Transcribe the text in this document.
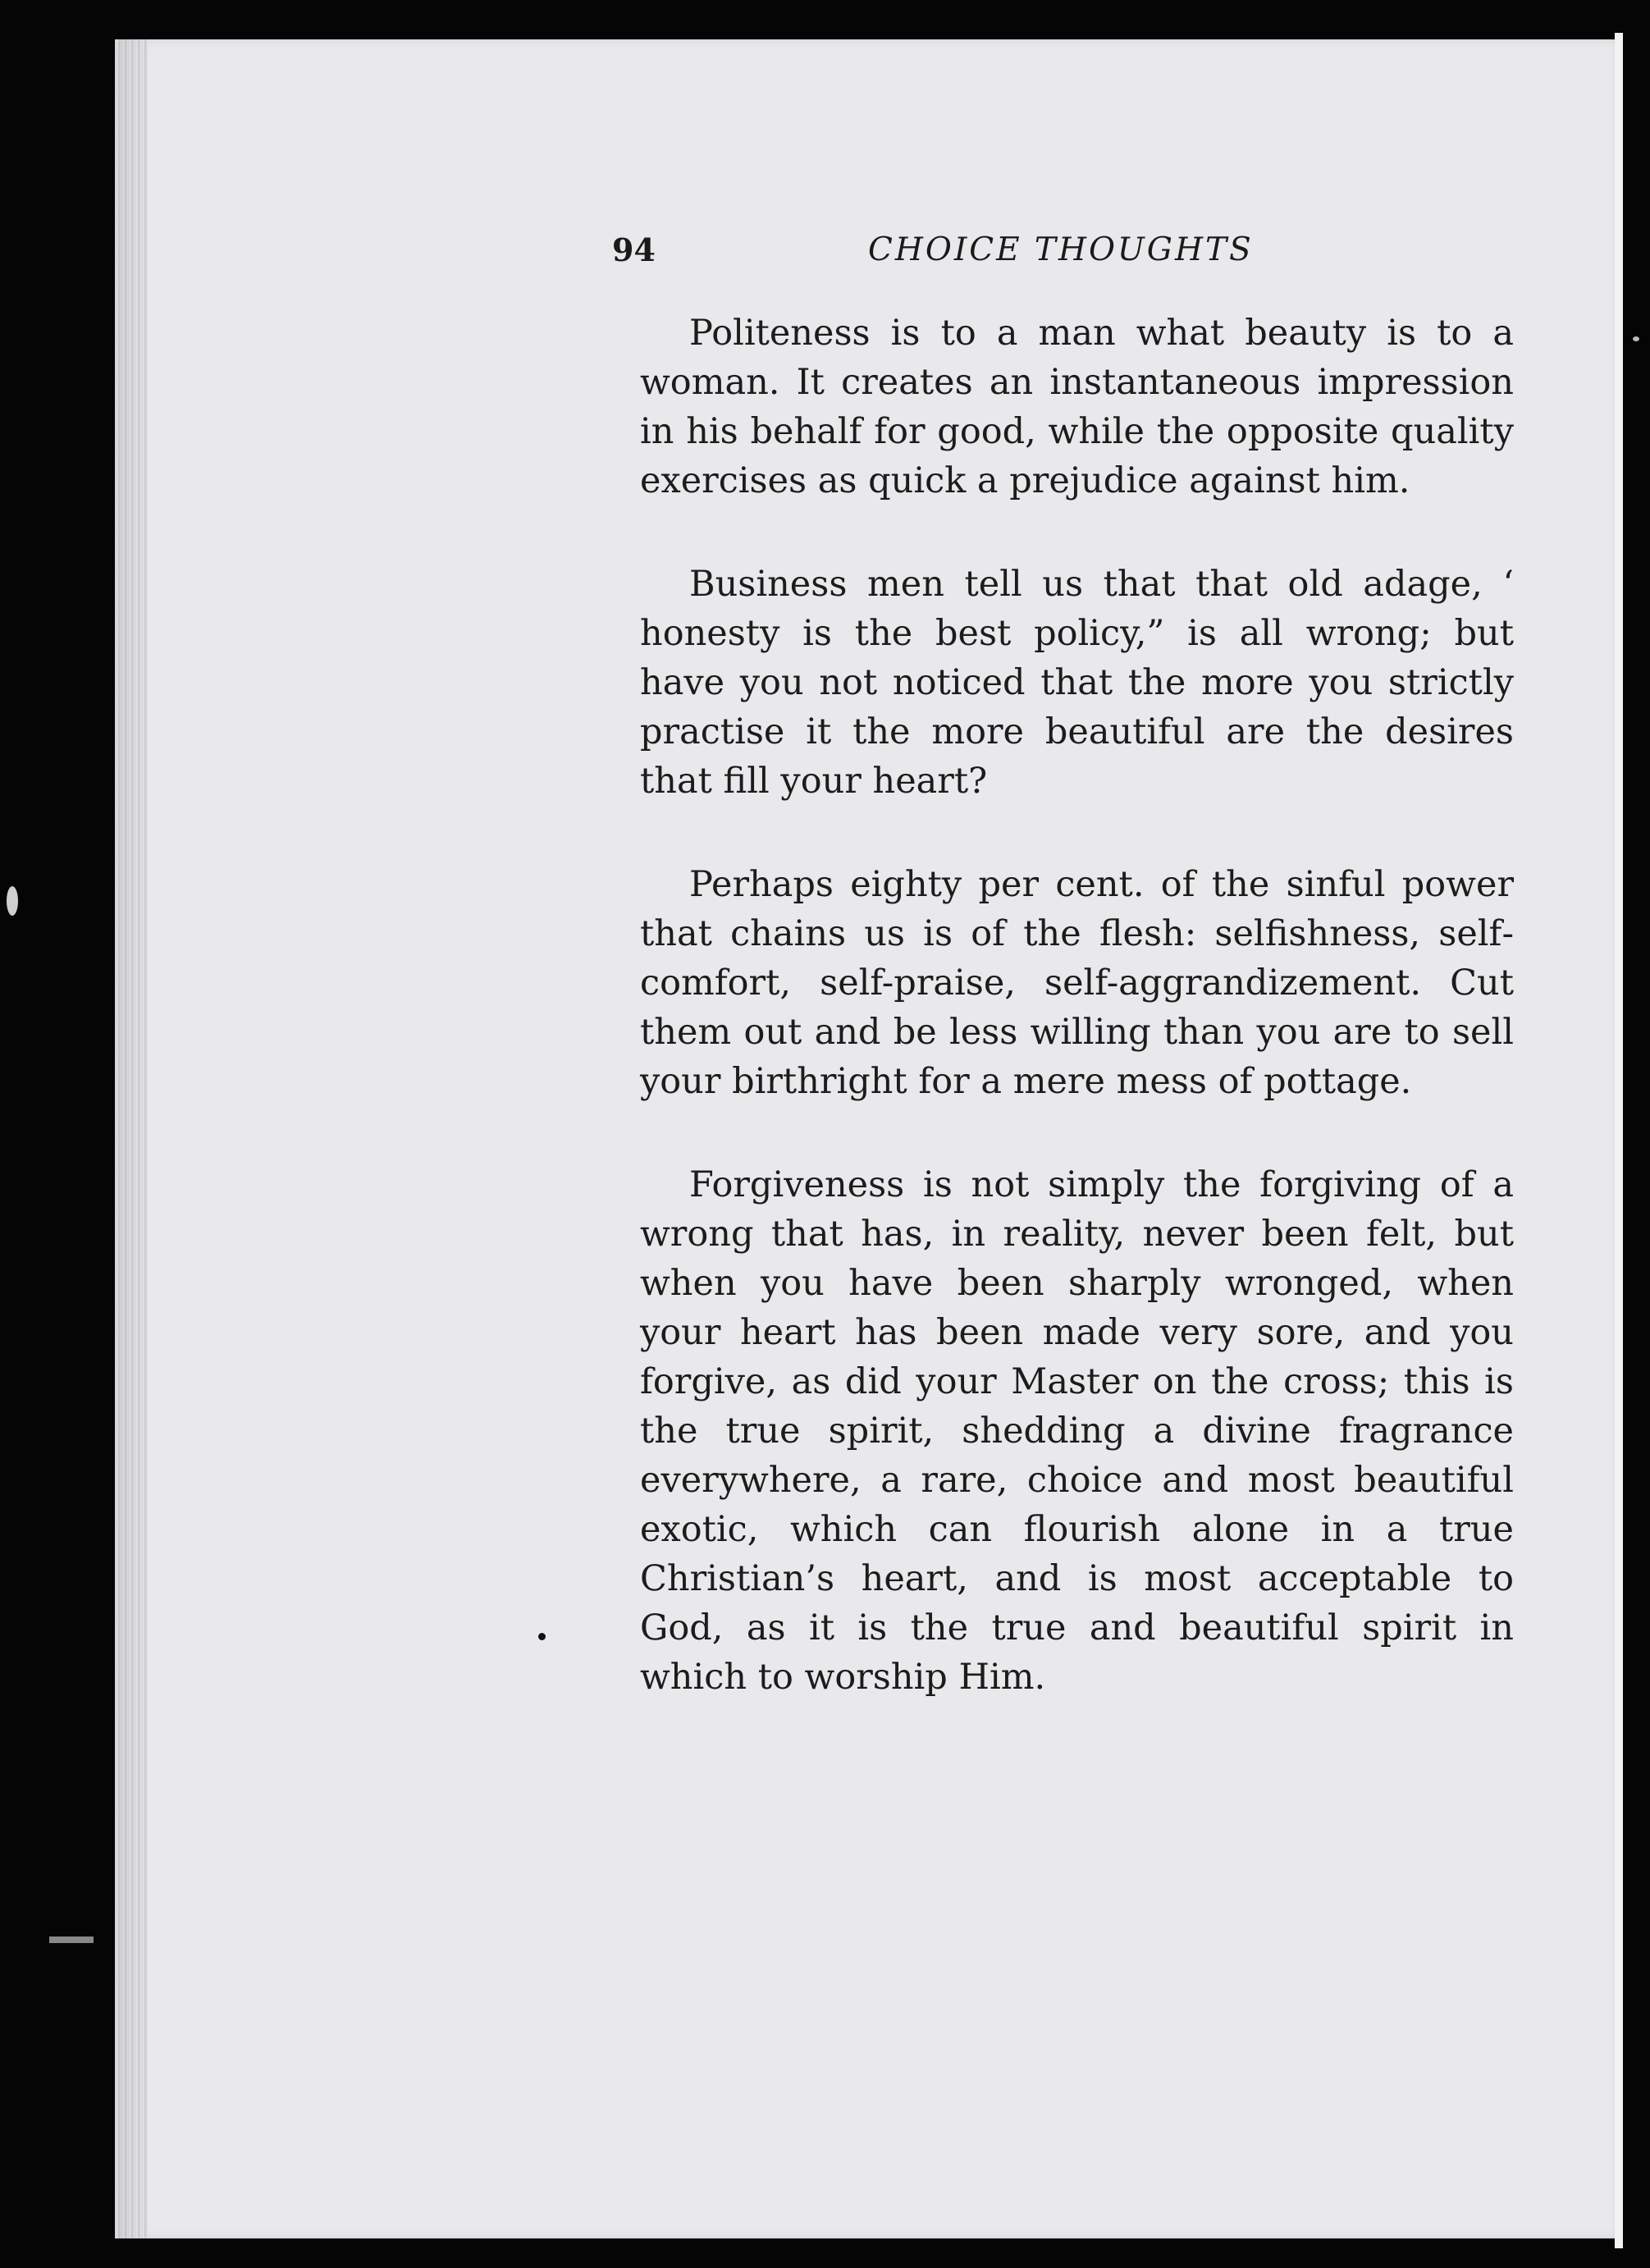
94	CHOICE THOUGHTS

Politeness is to a man what beauty is to a woman. It creates an instantaneous impression in his behalf for good, while the opposite quality exercises as quick a prejudice against him.

Business men tell us that that old adage, ‘ honesty is the best policy,” is all wrong; but have you not noticed that the more you strictly practise it the more beautiful are the desires that fill your heart?

Perhaps eighty per cent. of the sinful power that chains us is of the flesh: selfishness, selfcomfort, self-praise, self-aggrandizement. Cut them out and be less willing than you are to sell your birthright for a mere mess of pottage.

Forgiveness is not simply the forgiving of a wrong that has, in reality, never been felt, but when you have been sharply wronged, when your heart has been made very sore, and you forgive, as did your Master on the cross; this is the true spirit, shedding a divine fragrance everywhere, a rare, choice and most beautiful exotic, which can flourish alone in a true Christian’s heart, and is most acceptable to God, as it is the true and beautiful spirit in which to worship Him.
